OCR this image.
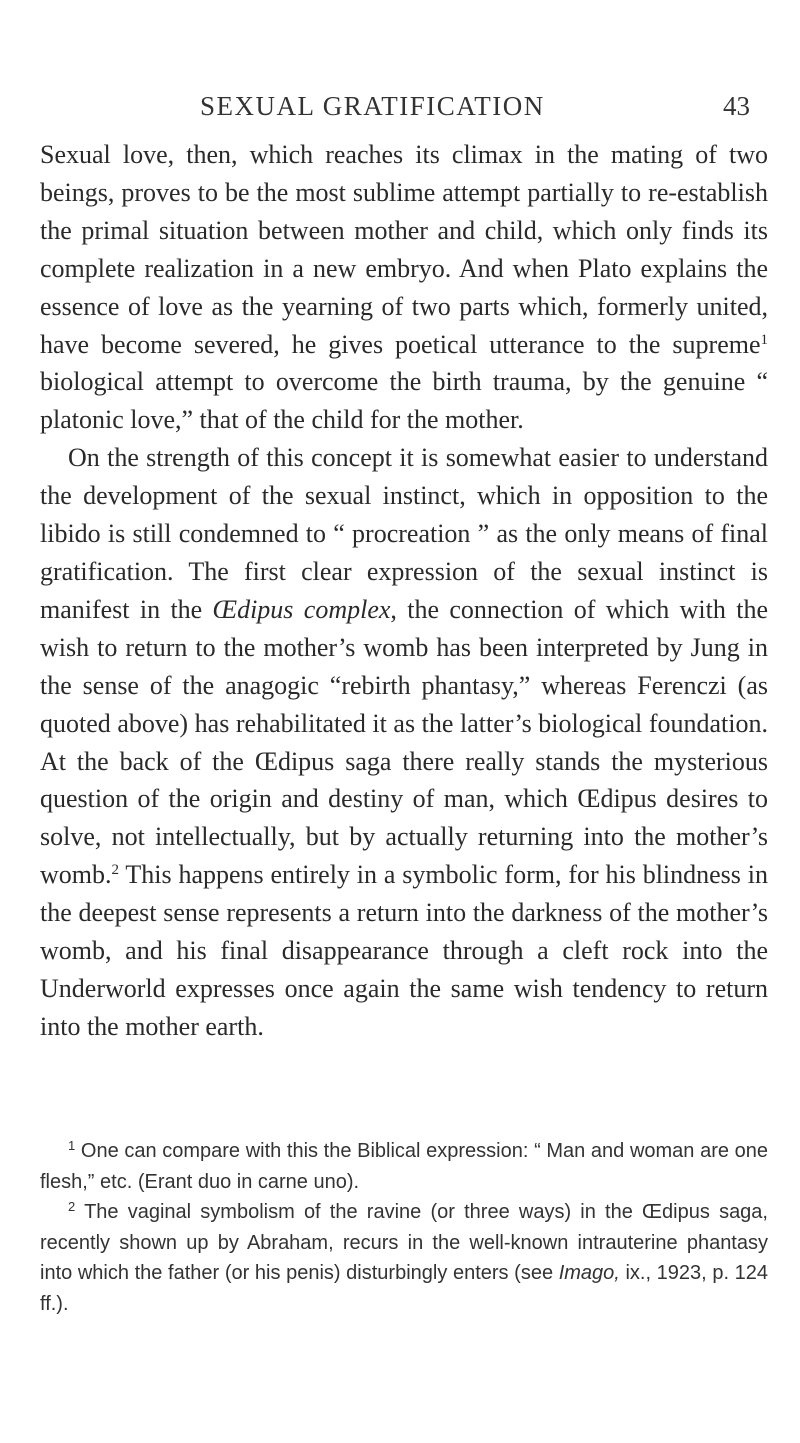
SEXUAL GRATIFICATION	43

Sexual love, then, which reaches its climax in the mating of two beings, proves to be the most sublime attempt partially to re-establish the primal situation between mother and child, which only finds its complete realization in a new embryo. And when Plato explains the essence of love as the yearning of two parts which, formerly united, have become severed, he gives poetical utterance to the supreme$^1$ biological attempt to overcome the birth trauma, by the genuine “ platonic love,” that of the child for the mother.

On the strength of this concept it is somewhat easier to understand the development of the sexual instinct, which in opposition to the libido is still condemned to “ procreation ” as the only means of final gratification. The first clear expression of the sexual instinct is manifest in the Œdipus complex, the connection of which with the wish to return to the mother’s womb has been interpreted by Jung in the sense of the anagogic “rebirth phantasy,” whereas Ferenczi (as quoted above) has rehabilitated it as the latter’s biological foundation. At the back of the Œdipus saga there really stands the mysterious question of the origin and destiny of man, which Œdipus desires to solve, not intellectually, but by actually returning into the mother’s womb.$^2$ This happens entirely in a symbolic form, for his blindness in the deepest sense represents a return into the darkness of the mother’s womb, and his final disappearance through a cleft rock into the Underworld expresses once again the same wish tendency to return into the mother earth.

$^1$ One can compare with this the Biblical expression: “ Man and woman are one flesh,” etc. (Erant duo in carne uno).

$^2$ The vaginal symbolism of the ravine (or three ways) in the Œdipus saga, recently shown up by Abraham, recurs in the well-known intrauterine phantasy into which the father (or his penis) disturbingly enters (see Imago, ix., 1923, p. 124 ff.).
